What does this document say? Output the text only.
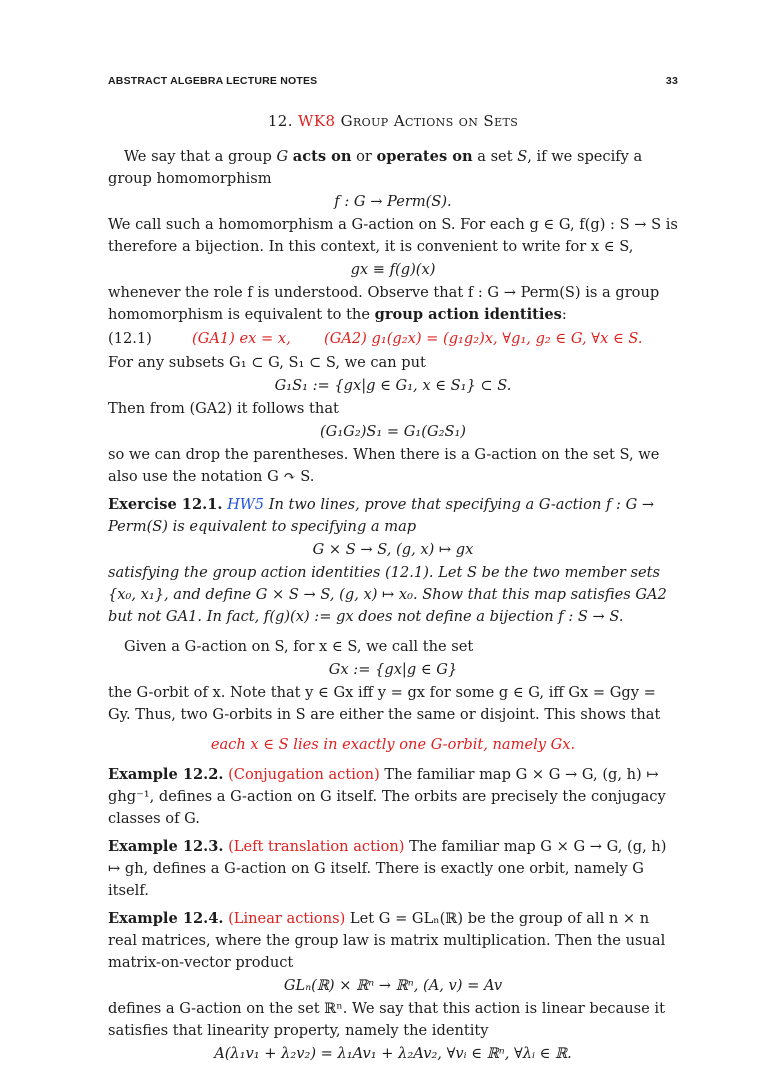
ABSTRACT ALGEBRA LECTURE NOTES	33
12. WK8 Group Actions on Sets

We say that a group G acts on or operates on a set S, if we specify a group homomorphism

f : G → Perm(S).

We call such a homomorphism a G-action on S. For each g ∈ G, f(g) : S → S is therefore a bijection. In this context, it is convenient to write for x ∈ S,

gx ≡ f(g)(x)

whenever the role f is understood. Observe that f : G → Perm(S) is a group homomorphism is equivalent to the group action identities:

(12.1)	(GA1) ex = x,	(GA2) g₁(g₂x) = (g₁g₂)x, ∀g₁, g₂ ∈ G, ∀x ∈ S.

For any subsets G₁ ⊂ G, S₁ ⊂ S, we can put

G₁S₁ := {gx|g ∈ G₁, x ∈ S₁} ⊂ S.

Then from (GA2) it follows that

(G₁G₂)S₁ = G₁(G₂S₁)

so we can drop the parentheses. When there is a G-action on the set S, we also use the notation G ↷ S.

Exercise 12.1. HW5 In two lines, prove that specifying a G-action f : G → Perm(S) is equivalent to specifying a map

G × S → S, (g, x) ↦ gx

satisfying the group action identities (12.1). Let S be the two member sets {x₀, x₁}, and define G × S → S, (g, x) ↦ x₀. Show that this map satisfies GA2 but not GA1. In fact, f(g)(x) := gx does not define a bijection f : S → S.

Given a G-action on S, for x ∈ S, we call the set

Gx := {gx|g ∈ G}

the G-orbit of x. Note that y ∈ Gx iff y = gx for some g ∈ G, iff Gx = Ggy = Gy. Thus, two G-orbits in S are either the same or disjoint. This shows that

each x ∈ S lies in exactly one G-orbit, namely Gx.

Example 12.2. (Conjugation action) The familiar map G × G → G, (g, h) ↦ ghg⁻¹, defines a G-action on G itself. The orbits are precisely the conjugacy classes of G.

Example 12.3. (Left translation action) The familiar map G × G → G, (g, h) ↦ gh, defines a G-action on G itself. There is exactly one orbit, namely G itself.

Example 12.4. (Linear actions) Let G = GLₙ(ℝ) be the group of all n × n real matrices, where the group law is matrix multiplication. Then the usual matrix-on-vector product

GLₙ(ℝ) × ℝⁿ → ℝⁿ, (A, v) = Av

defines a G-action on the set ℝⁿ. We say that this action is linear because it satisfies that linearity property, namely the identity

A(λ₁v₁ + λ₂v₂) = λ₁Av₁ + λ₂Av₂, ∀vᵢ ∈ ℝⁿ, ∀λᵢ ∈ ℝ.
